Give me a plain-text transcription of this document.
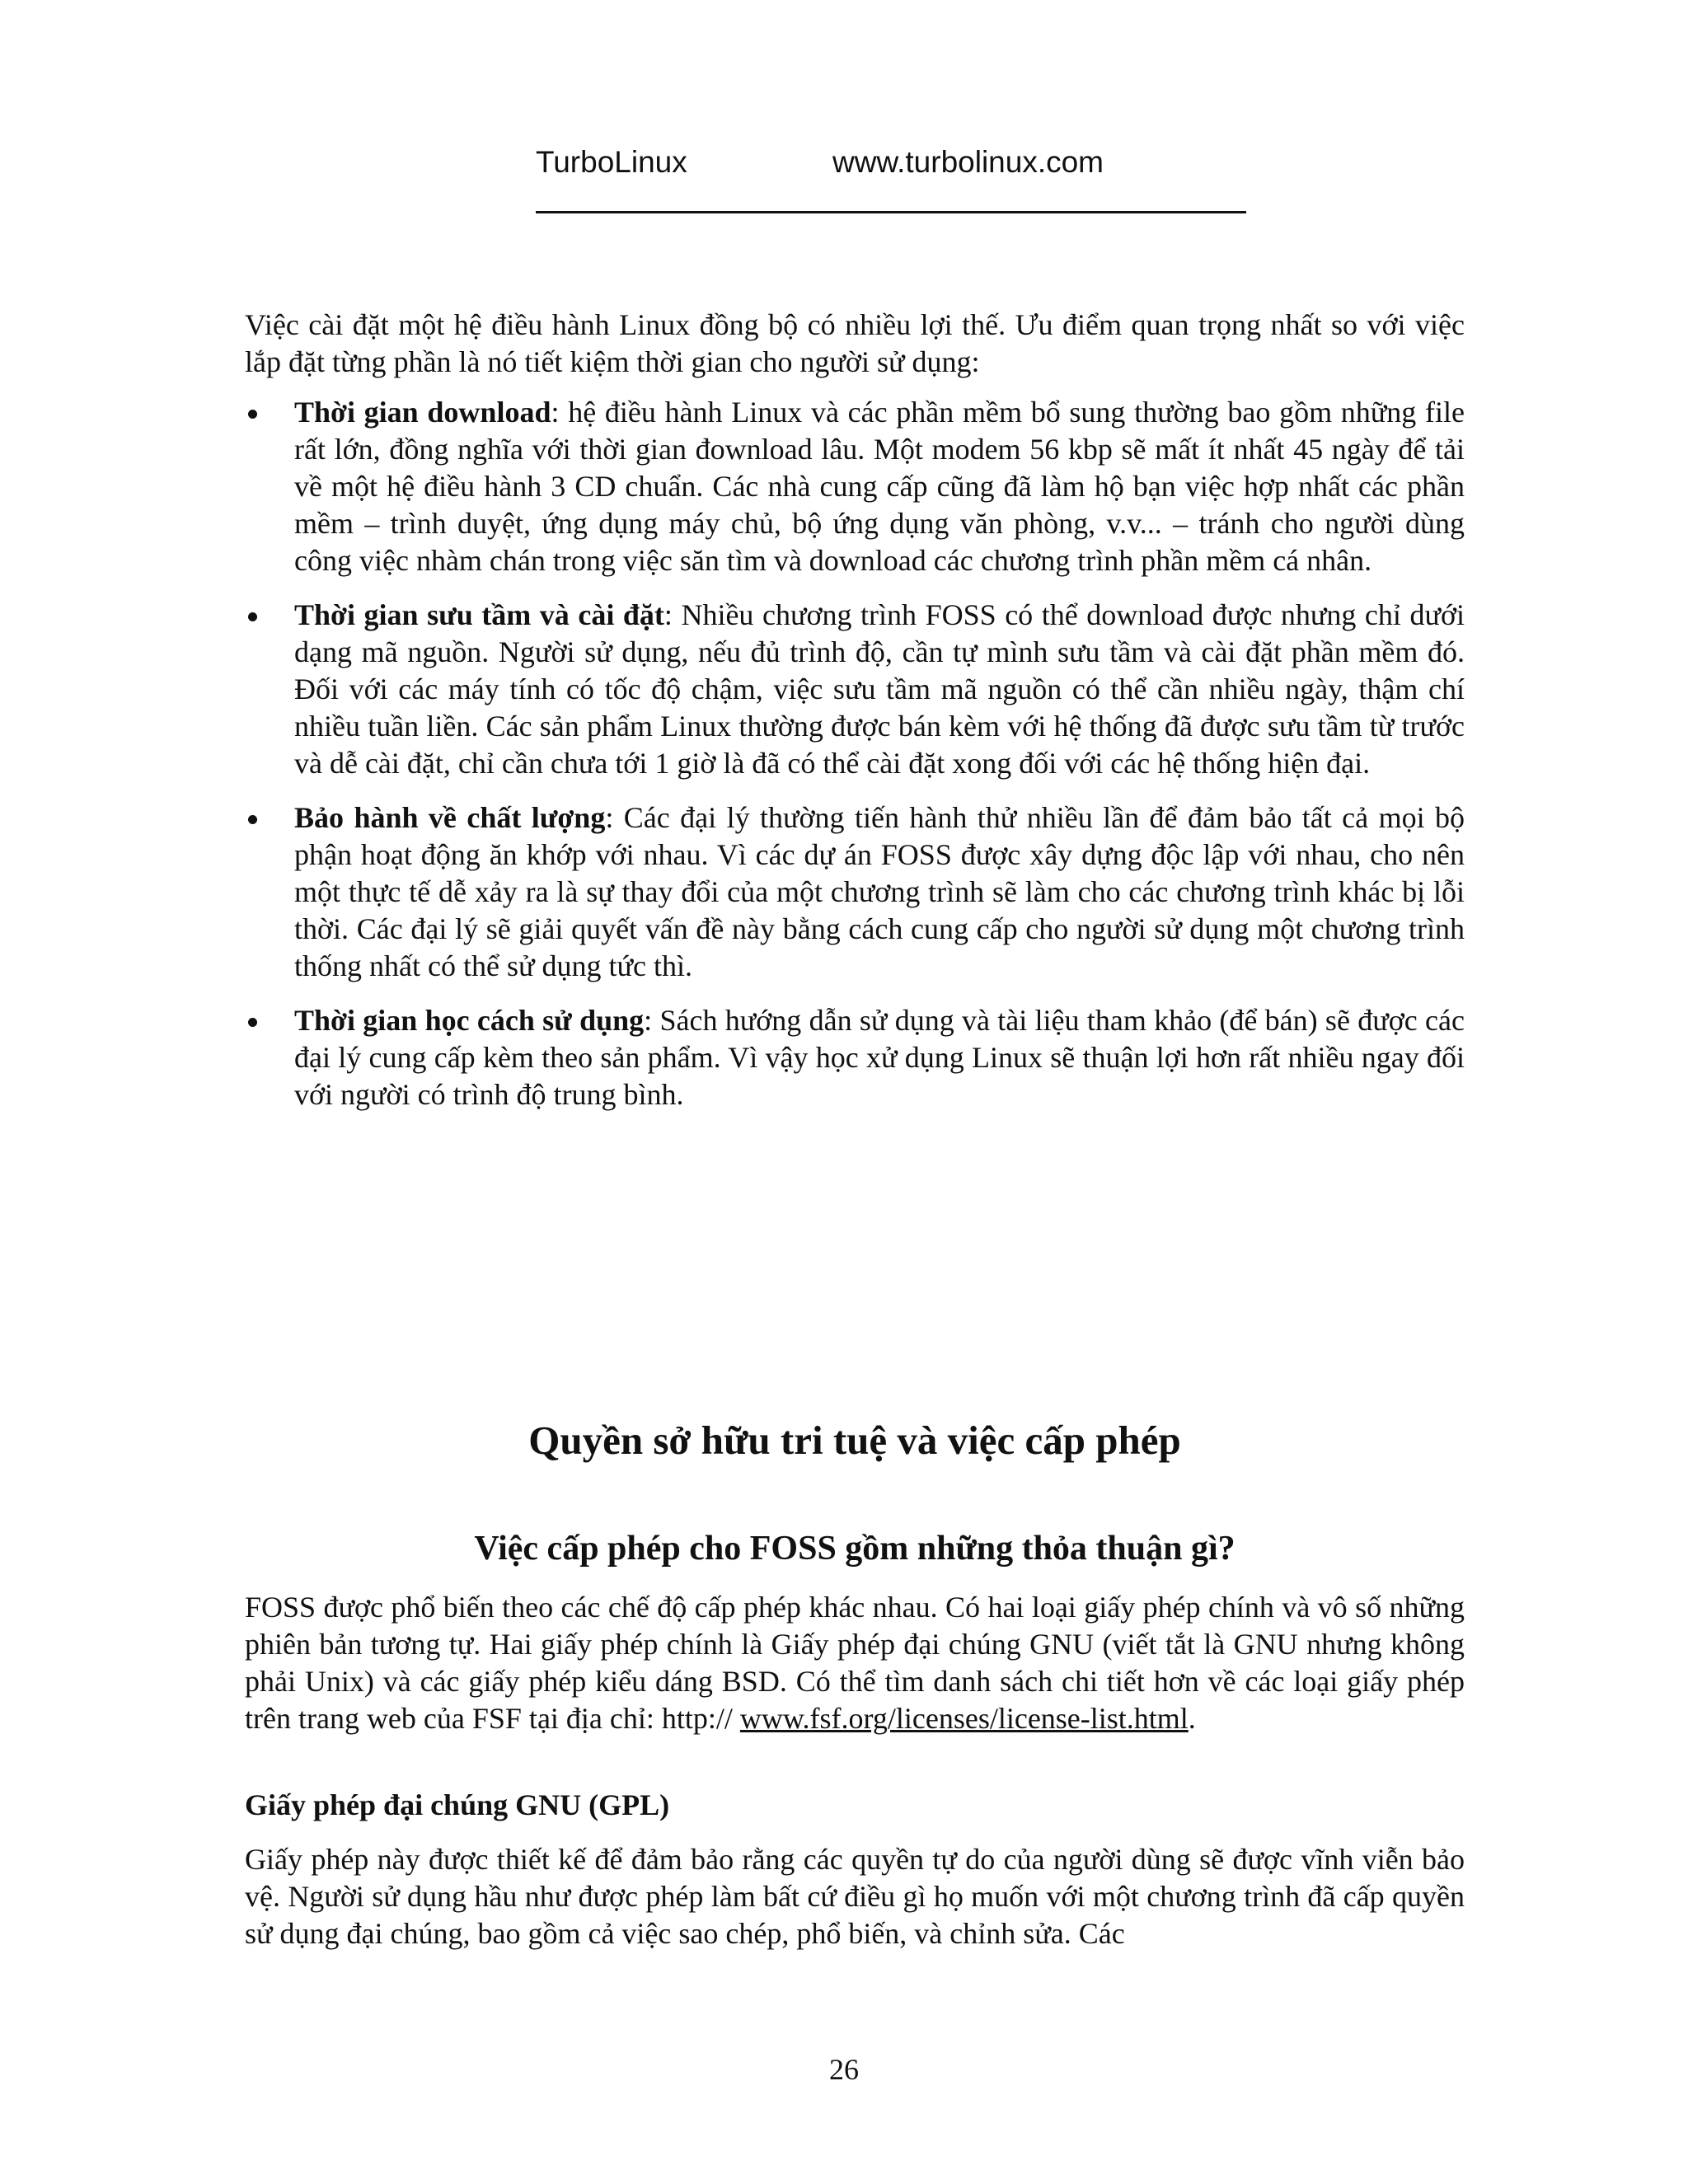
TurboLinux	www.turbolinux.com

Việc cài đặt một hệ điều hành Linux đồng bộ có nhiều lợi thế. Ưu điểm quan trọng nhất so với việc lắp đặt từng phần là nó tiết kiệm thời gian cho người sử dụng:

Thời gian download: hệ điều hành Linux và các phần mềm bổ sung thường bao gồm những file rất lớn, đồng nghĩa với thời gian đownload lâu. Một modem 56 kbp sẽ mất ít nhất 45 ngày để tải về một hệ điều hành 3 CD chuẩn. Các nhà cung cấp cũng đã làm hộ bạn việc hợp nhất các phần mềm – trình duyệt, ứng dụng máy chủ, bộ ứng dụng văn phòng, v.v... – tránh cho người dùng công việc nhàm chán trong việc săn tìm và download các chương trình phần mềm cá nhân.
Thời gian sưu tầm và cài đặt: Nhiều chương trình FOSS có thể download được nhưng chỉ dưới dạng mã nguồn. Người sử dụng, nếu đủ trình độ, cần tự mình sưu tầm và cài đặt phần mềm đó. Đối với các máy tính có tốc độ chậm, việc sưu tầm mã nguồn có thể cần nhiều ngày, thậm chí nhiều tuần liền. Các sản phẩm Linux thường được bán kèm với hệ thống đã được sưu tầm từ trước và dễ cài đặt, chỉ cần chưa tới 1 giờ là đã có thể cài đặt xong đối với các hệ thống hiện đại.
Bảo hành về chất lượng: Các đại lý thường tiến hành thử nhiều lần để đảm bảo tất cả mọi bộ phận hoạt động ăn khớp với nhau. Vì các dự án FOSS được xây dựng độc lập với nhau, cho nên một thực tế dễ xảy ra là sự thay đổi của một chương trình sẽ làm cho các chương trình khác bị lỗi thời. Các đại lý sẽ giải quyết vấn đề này bằng cách cung cấp cho người sử dụng một chương trình thống nhất có thể sử dụng tức thì.
Thời gian học cách sử dụng: Sách hướng dẫn sử dụng và tài liệu tham khảo (để bán) sẽ được các đại lý cung cấp kèm theo sản phẩm. Vì vậy học xử dụng Linux sẽ thuận lợi hơn rất nhiều ngay đối với người có trình độ trung bình.
Quyền sở hữu tri tuệ và việc cấp phép
Việc cấp phép cho FOSS gồm những thỏa thuận gì?

FOSS được phổ biến theo các chế độ cấp phép khác nhau. Có hai loại giấy phép chính và vô số những phiên bản tương tự. Hai giấy phép chính là Giấy phép đại chúng GNU (viết tắt là GNU nhưng không phải Unix) và các giấy phép kiểu dáng BSD. Có thể tìm danh sách chi tiết hơn về các loại giấy phép trên trang web của FSF tại địa chỉ: http:// www.fsf.org/licenses/license-list.html.

Giấy phép đại chúng GNU (GPL)

Giấy phép này được thiết kế để đảm bảo rằng các quyền tự do của người dùng sẽ được vĩnh viễn bảo vệ. Người sử dụng hầu như được phép làm bất cứ điều gì họ muốn với một chương trình đã cấp quyền sử dụng đại chúng, bao gồm cả việc sao chép, phổ biến, và chỉnh sửa. Các

26
